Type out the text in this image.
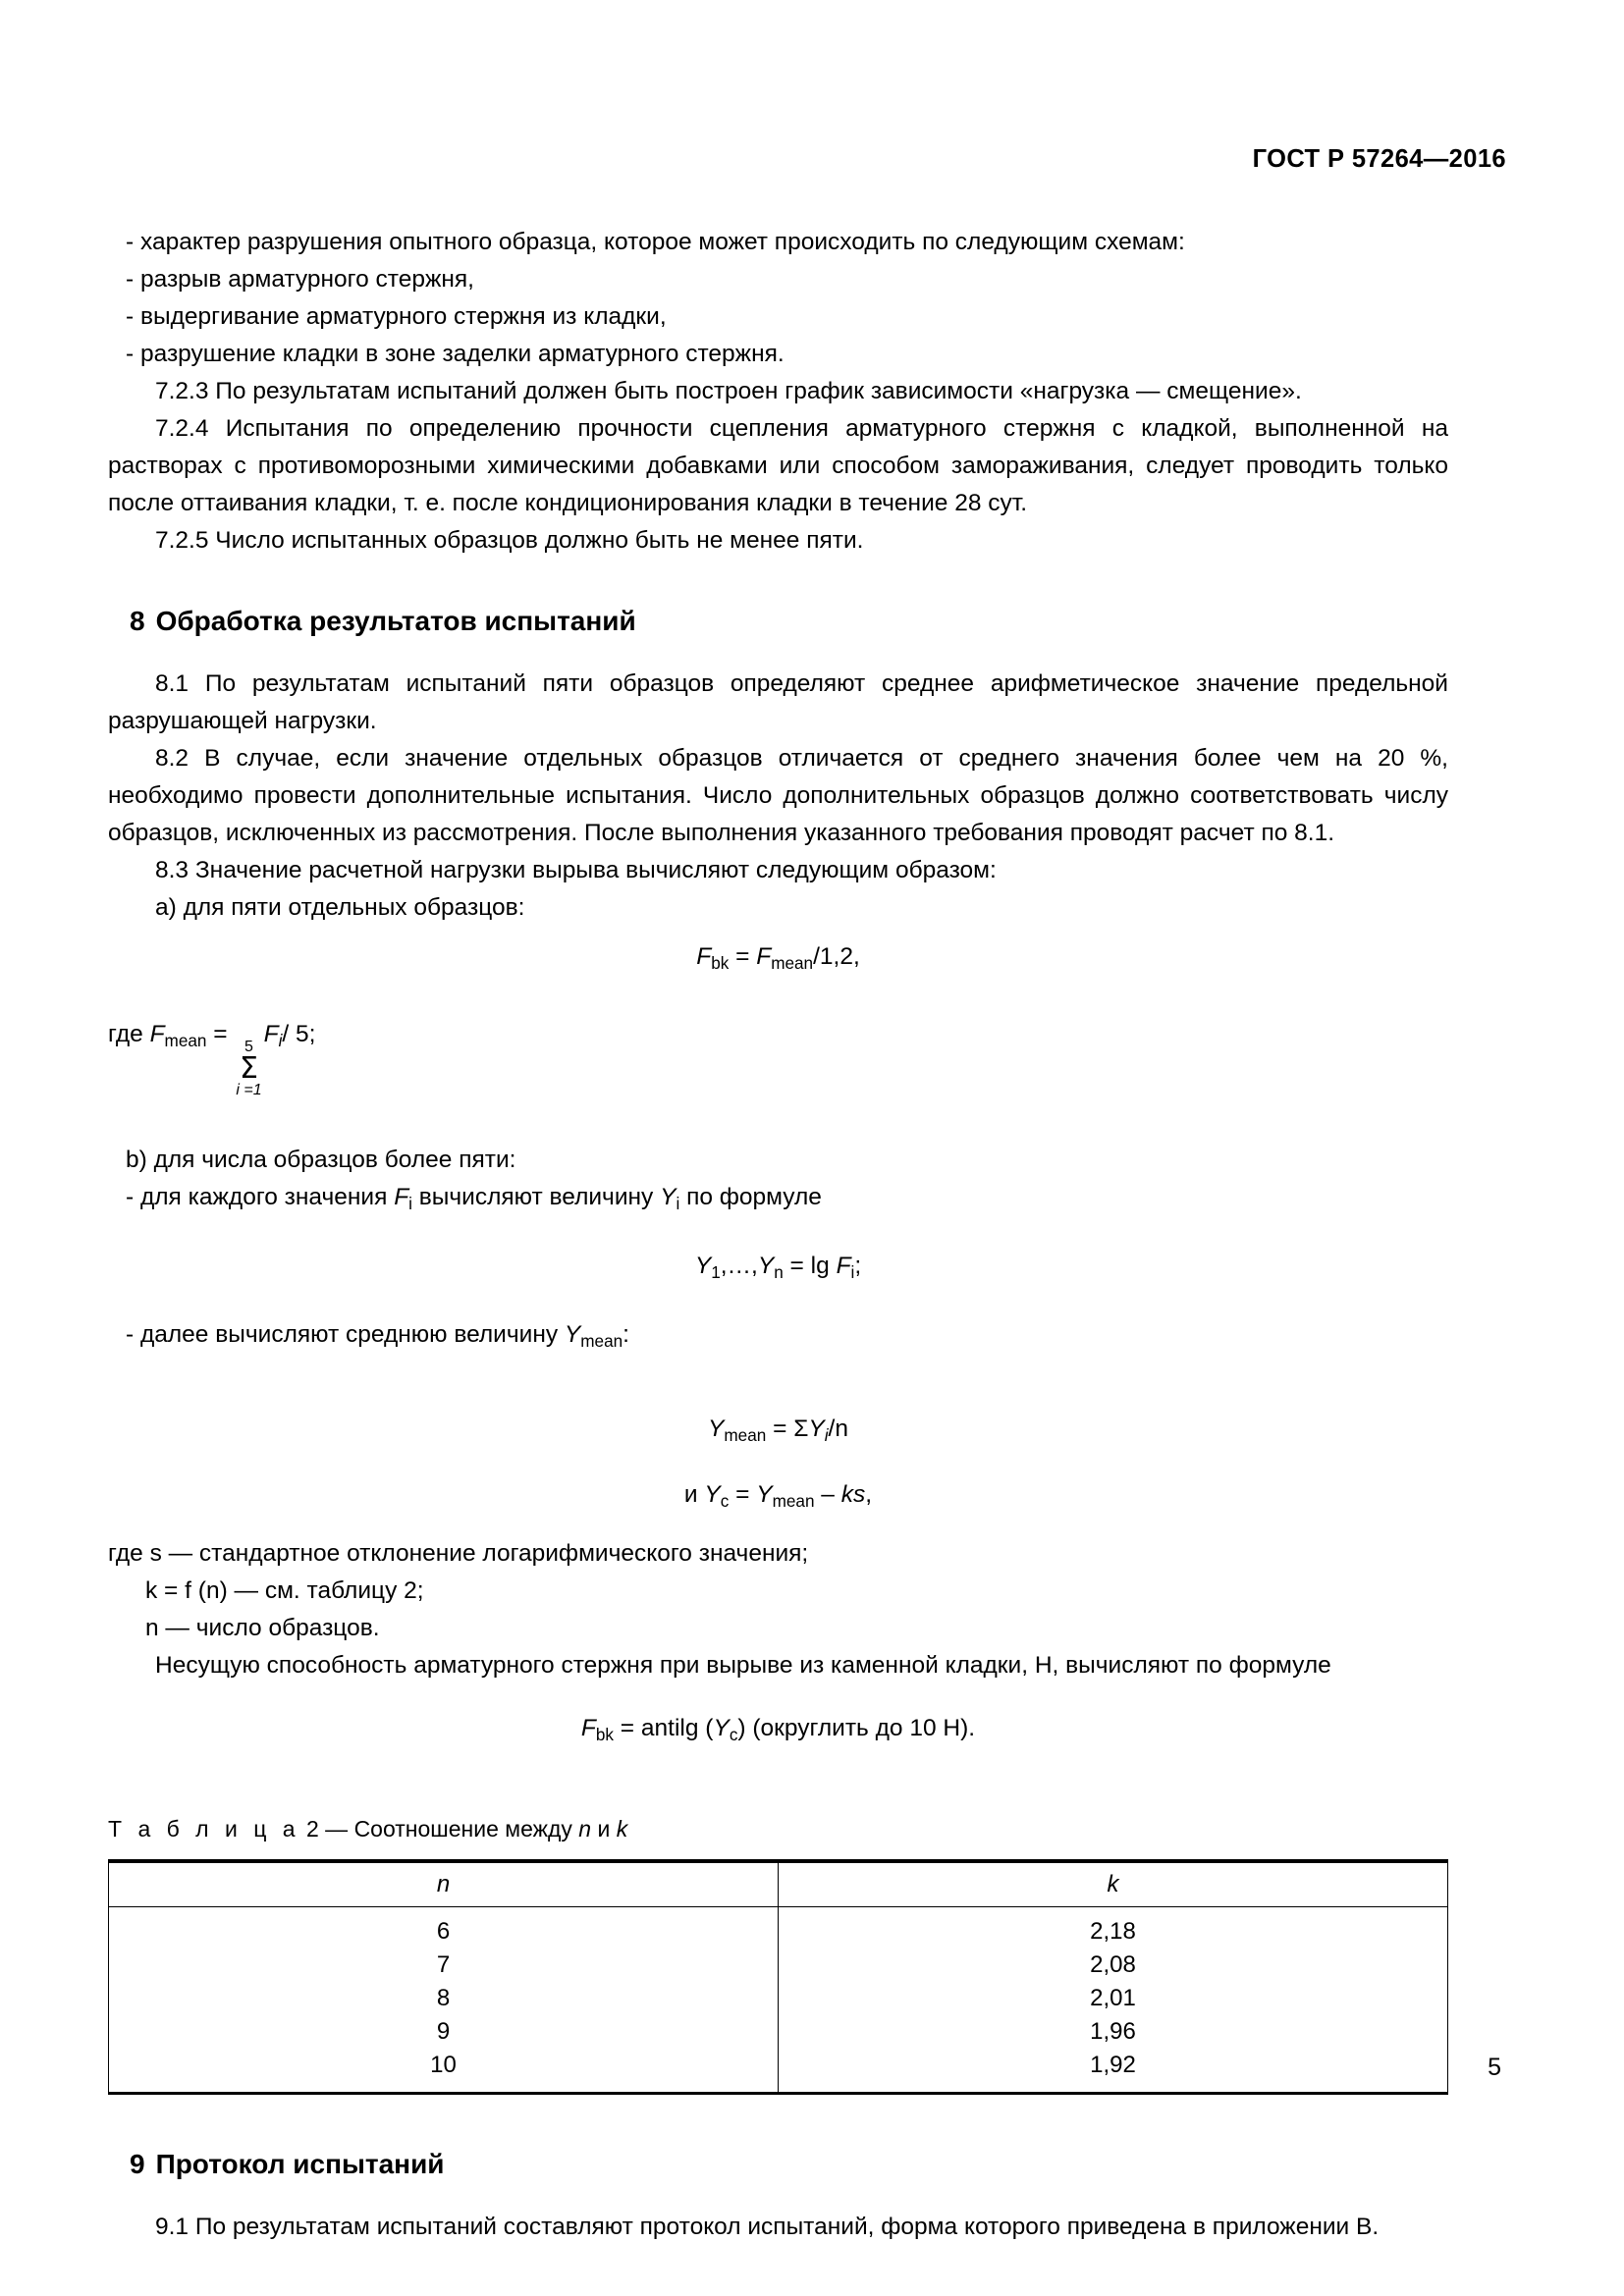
ГОСТ Р 57264—2016

- характер разрушения опытного образца, которое может происходить по следующим схемам:

- разрыв арматурного стержня,

- выдергивание арматурного стержня из кладки,

- разрушение кладки в зоне заделки арматурного стержня.

7.2.3 По результатам испытаний должен быть построен график зависимости «нагрузка — смещение».

7.2.4 Испытания по определению прочности сцепления арматурного стержня с кладкой, выполненной на растворах с противоморозными химическими добавками или способом замораживания, следует проводить только после оттаивания кладки, т. е. после кондиционирования кладки в течение 28 сут.

7.2.5 Число испытанных образцов должно быть не менее пяти.

8 Обработка результатов испытаний

8.1 По результатам испытаний пяти образцов определяют среднее арифметическое значение предельной разрушающей нагрузки.

8.2 В случае, если значение отдельных образцов отличается от среднего значения более чем на 20 %, необходимо провести дополнительные испытания. Число дополнительных образцов должно соответствовать числу образцов, исключенных из рассмотрения. После выполнения указанного требования проводят расчет по 8.1.

8.3 Значение расчетной нагрузки вырыва вычисляют следующим образом:

a) для пяти отдельных образцов:

$F_{bk} = F_{mean}/1,2$,
где $F_{mean} = 5$
Σ
i =1
$F_i/$ 5;

b) для числа образцов более пяти:

- для каждого значения $F_i$ вычисляют величину $Y_i$ по формуле

$Y_1,\dots,Y_n = \lg F_i$;

- далее вычисляют среднюю величину $Y_{mean}$:

$Y_{mean} = \Sigma Y_i/n$
и $Y_c = Y_{mean}$ – ks,

где s — стандартное отклонение логарифмического значения;

k = f (n) — см. таблицу 2;

n — число образцов.

Несущую способность арматурного стержня при вырыве из каменной кладки, Н, вычисляют по формуле

$F_{bk}$ = antilg $(Y_c)$ (округлить до 10 Н).
Т а б л и ц а 2 — Соотношение между n и k
n	k
6	2,18
7	2,08
8	2,01
9	1,96
10	1,92
9 Протокол испытаний

9.1 По результатам испытаний составляют протокол испытаний, форма которого приведена в приложении В.

5
